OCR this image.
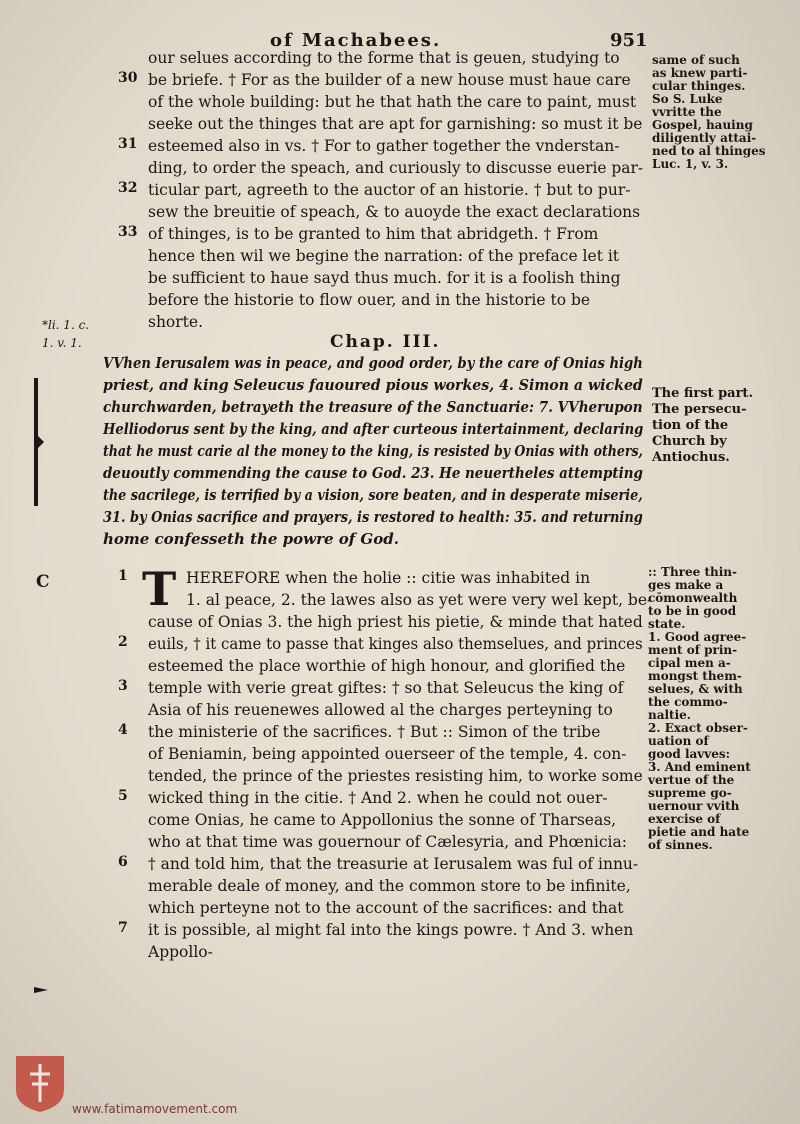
of Machabees.	951
our selues according to the forme that is geuen, studying to
30 be briefe. † For as the builder of a new house must haue care
of the whole building: but he that hath the care to paint, must
seeke out the thinges that are apt for garnishing: so must it be
31 esteemed also in vs. † For to gather together the vnderstan-
ding, to order the speach, and curiously to discusse euerie par-
32 ticular part, agreeth to the auctor of an historie. † but to pur-
sew the breuitie of speach, & to auoyde the exact declarations
33 of thinges, is to be granted to him that abridgeth. † From
hence then wil we begine the narration: of the preface let it
be sufficient to haue sayd thus much. for it is a foolish thing
before the historie to flow ouer, and in the historie to be
shorte.
same of such
as knew parti-
cular thinges.
So S. Luke
vvritte the
Gospel, hauing
diligently attai-
ned to al thinges
Luc. 1, v. 3.
*li. 1. c.
1. v. 1.	Chap. III.
VVhen Ierusalem was in peace, and good order, by the care of Onias high
priest, and king Seleucus fauoured pious workes, 4. Simon a wicked
churchwarden, betrayeth the treasure of the Sanctuarie: 7. VVherupon
Helliodorus sent by the king, and after curteous intertainment, declaring
that he must carie al the money to the king, is resisted by Onias with others,
deuoutly commending the cause to God. 23. He neuertheles attempting
the sacrilege, is terrified by a vision, sore beaten, and in desperate miserie,
31. by Onias sacrifice and prayers, is restored to health: 35. and returning
home confesseth the powre of God.
The first part.
The persecu-
tion of the
Church by
Antiochus.
C T
1	HEREFORE when the holie :: citie was inhabited in
1. al peace, 2. the lawes also as yet were very wel kept, be-
cause of Onias 3. the high priest his pietie, & minde that hated
2 euils, † it came to passe that kinges also themselues, and princes
esteemed the place worthie of high honour, and glorified the
3 temple with verie great giftes: † so that Seleucus the king of
Asia of his reuenewes allowed al the charges perteyning to
4 the ministerie of the sacrifices. † But :: Simon of the tribe
of Beniamin, being appointed ouerseer of the temple, 4. con-
tended, the prince of the priestes resisting him, to worke some
5 wicked thing in the citie. † And 2. when he could not ouer-
come Onias, he came to Appollonius the sonne of Tharseas,
who at that time was gouernour of Cælesyria, and Phœnicia:
6 † and told him, that the treasurie at Ierusalem was ful of innu-
merable deale of money, and the common store to be infinite,
which perteyne not to the account of the sacrifices: and that
7 it is possible, al might fal into the kings powre. † And 3. when
Appollo-
:: Three thin-
ges make a
cōmonwealth
to be in good
state.
1. Good agree-
ment of prin-
cipal men a-
mongst them-
selues, & with
the commo-
naltie.
2. Exact obser-
uation of
good lavves:
3. And eminent
vertue of the
supreme go-
uernour vvith
exercise of
pietie and hate
of sinnes.
www.fatimamovement.com
